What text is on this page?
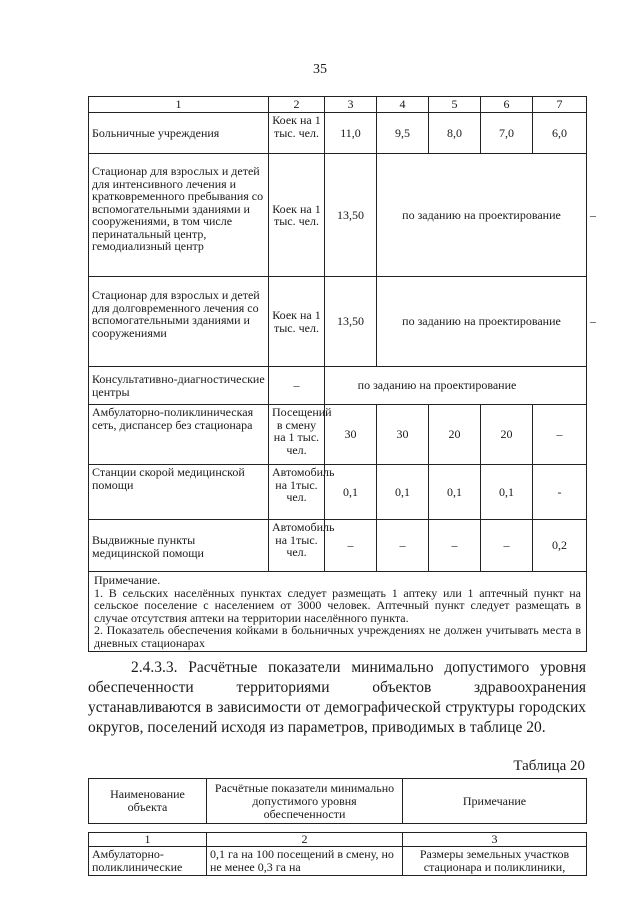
35
1	2	3	4	5	6	7	
Больничные учреждения	Коек на 1 тыс. чел.	11,0	9,5	8,0	7,0	6,0	
Стационар для взрослых и детей для интенсивного лечения и кратковременного пребывания со вспомогательными зданиями и сооружениями, в том числе перинатальный центр, гемодиализный центр	Коек на 1 тыс. чел.	13,50	по заданию на проектирование				–
Стационар для взрослых и детей для долговременного лечения со вспомогательными зданиями и сооружениями	Коек на 1 тыс. чел.	13,50	по заданию на проектирование				–
Консультативно-диагностические центры	–	по заданию на проектирование					
Амбулаторно-поликлиническая сеть, диспансер без стационара	Посещений в смену на 1 тыс. чел.	30	30	20	20	–	
Станции скорой медицинской помощи	Автомобиль на 1тыс. чел.	0,1	0,1	0,1	0,1	-	
Выдвижные пункты медицинской помощи	Автомобиль на 1тыс. чел.	–	–	–	–	0,2	

Примечание.
1. В сельских населённых пунктах следует размещать 1 аптеку или 1 аптечный пункт на сельское поселение с населением от 3000 человек. Аптечный пункт следует размещать в случае отсутствия аптеки на территории населённого пункта.
2. Показатель обеспечения койками в больничных учреждениях не должен учитывать места в дневных стационарах							
2.4.3.3. Расчётные показатели минимально допустимого уровня обеспеченности территориями объектов здравоохранения устанавливаются в зависимости от демографической структуры городских округов, поселений исходя из параметров, приводимых в таблице 20.
Таблица 20
Наименование объекта	Расчётные показатели минимально допустимого уровня обеспеченности	Примечание
1	2	3
Амбулаторно-поликлинические	0,1 га на 100 посещений в смену, но не менее 0,3 га на	Размеры земельных участков стационара и поликлиники,
